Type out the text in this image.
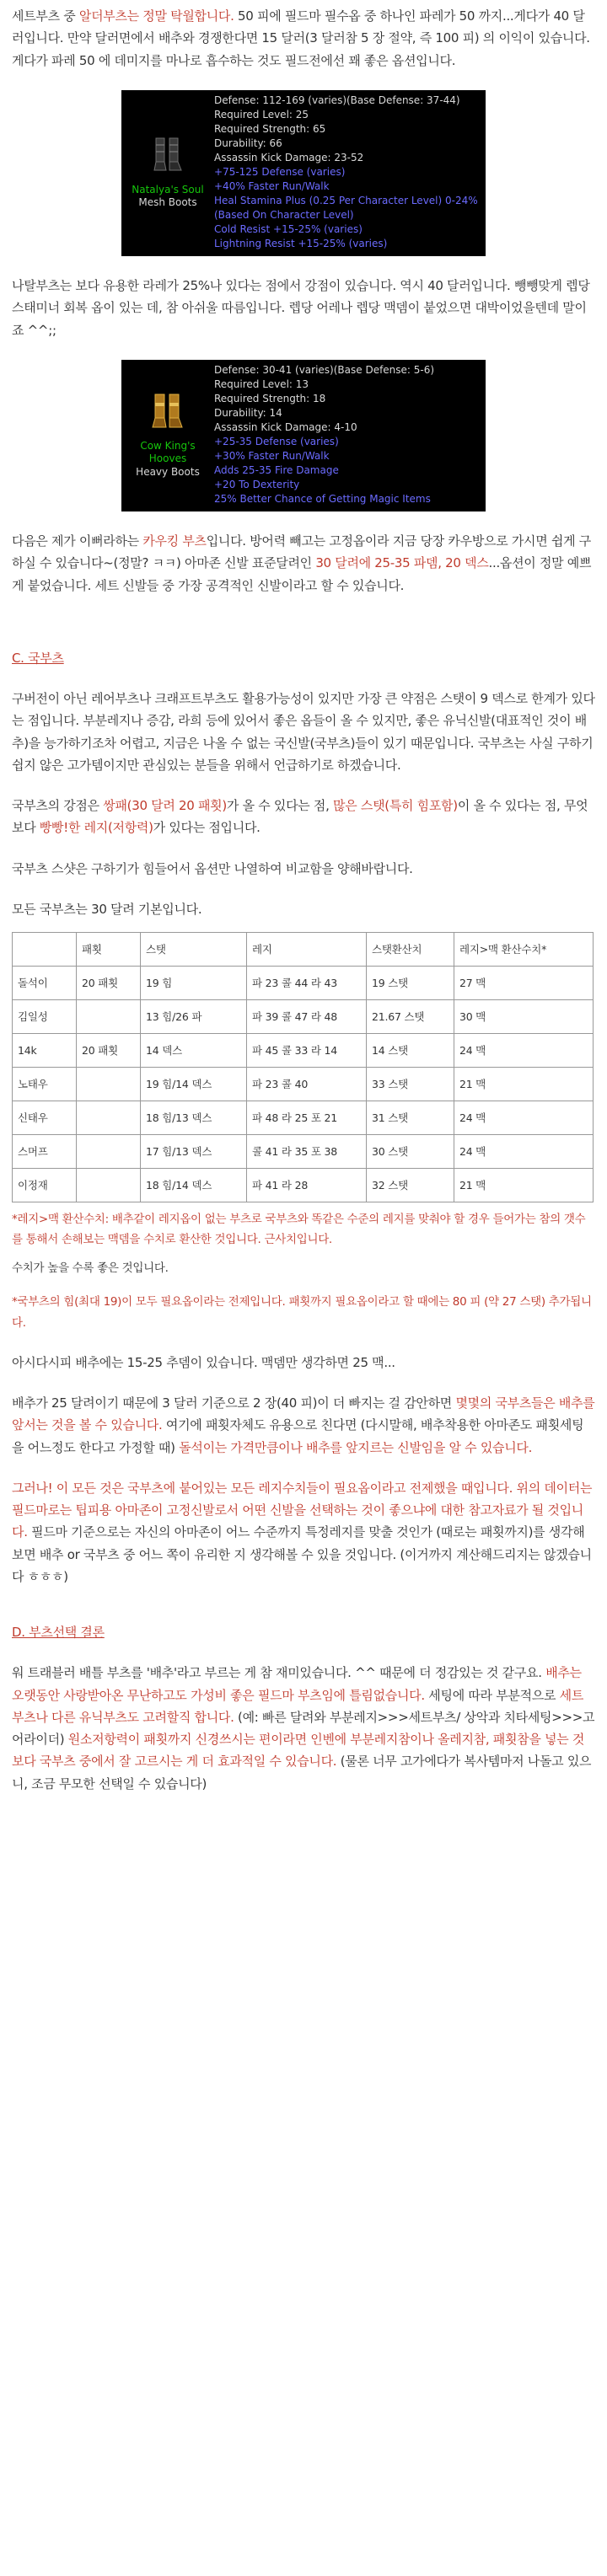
세트부츠 중 알더부츠는 정말 탁월합니다. 50 피에 필드마 필수옵 중 하나인 파레가 50 까지...게다가 40 달러입니다. 만약 달러면에서 배추와 경쟁한다면 15 달러(3 달러참 5 장 절약, 즉 100 피) 의 이익이 있습니다. 게다가 파레 50 에 데미지를 마나로 흡수하는 것도 필드전에선 꽤 좋은 옵션입니다.

Natalya's Soul
Mesh Boots
Defense: 112-169 (varies)(Base Defense: 37-44)
Required Level: 25
Required Strength: 65
Durability: 66
Assassin Kick Damage: 23-52
+75-125 Defense (varies)
+40% Faster Run/Walk
Heal Stamina Plus (0.25 Per Character Level) 0-24% (Based On Character Level)
Cold Resist +15-25% (varies)
Lightning Resist +15-25% (varies)

나탈부츠는 보다 유용한 라레가 25%나 있다는 점에서 강점이 있습니다. 역시 40 달러입니다. 뺑뺑맞게 렙당 스태미너 회복 옵이 있는 데, 참 아쉬울 따름입니다. 렙당 어레나 렙당 맥뎀이 붙었으면 대박이었을텐데 말이죠 ^^;;

Cow King's Hooves
Heavy Boots
Defense: 30-41 (varies)(Base Defense: 5-6)
Required Level: 13
Required Strength: 18
Durability: 14
Assassin Kick Damage: 4-10
+25-35 Defense (varies)
+30% Faster Run/Walk
Adds 25-35 Fire Damage
+20 To Dexterity
25% Better Chance of Getting Magic Items

다음은 제가 이뻐라하는 카우킹 부츠입니다. 방어력 빼고는 고정옵이라 지금 당장 카우방으로 가시면 쉽게 구하실 수 있습니다~(정말? ㅋㅋ) 아마존 신발 표준달려인 30 달려에 25-35 파뎀, 20 덱스...옵션이 정말 예쁘게 붙었습니다. 세트 신발들 중 가장 공격적인 신발이라고 할 수 있습니다.

C. 국부츠

구버전이 아닌 레어부츠나 크래프트부츠도 활용가능성이 있지만 가장 큰 약점은 스탯이 9 덱스로 한계가 있다는 점입니다. 부분레지나 증감, 라희 등에 있어서 좋은 옵들이 올 수 있지만, 좋은 유닉신발(대표적인 것이 배추)을 능가하기조차 어렵고, 지금은 나올 수 없는 국신발(국부츠)들이 있기 때문입니다. 국부츠는 사실 구하기 쉽지 않은 고가템이지만 관심있는 분들을 위해서 언급하기로 하겠습니다.

국부츠의 강점은 쌍패(30 달려 20 패횟)가 올 수 있다는 점, 많은 스탯(특히 힘포함)이 올 수 있다는 점, 무엇보다 빵빵!한 레지(저항력)가 있다는 점입니다.

국부츠 스샷은 구하기가 힘들어서 옵션만 나열하여 비교함을 양해바랍니다.

모든 국부츠는 30 달려 기본입니다.

	패횟	스탯	레지	스탯환산치	레지>맥 환산수치*
돌석이	20 패횟	19 힘	파 23 콜 44 라 43	19 스탯	27 맥
김일성		13 힘/26 파	파 39 콜 47 라 48	21.67 스탯	30 맥
14k	20 패횟	14 덱스	파 45 콜 33 라 14	14 스탯	24 맥
노태우		19 힘/14 덱스	파 23 콜 40	33 스탯	21 맥
신태우		18 힘/13 덱스	파 48 라 25 포 21	31 스탯	24 맥
스머프		17 힘/13 덱스	콜 41 라 35 포 38	30 스탯	24 맥
이정재		18 힘/14 덱스	파 41 라 28	32 스탯	21 맥
*레지>맥 환산수치: 배추같이 레지옵이 없는 부츠로 국부츠와 똑같은 수준의 레지를 맞춰야 할 경우 들어가는 참의 갯수를 통해서 손해보는 맥뎀을 수치로 환산한 것입니다. 근사치입니다.
수치가 높을 수록 좋은 것입니다.
*국부츠의 힘(최대 19)이 모두 필요옵이라는 전제입니다. 패횟까지 필요옵이라고 할 때에는 80 피 (약 27 스탯) 추가됩니다.

아시다시피 배추에는 15-25 추뎀이 있습니다. 맥뎀만 생각하면 25 맥...

배추가 25 달려이기 때문에 3 달러 기준으로 2 장(40 피)이 더 빠지는 걸 감안하면 몇몇의 국부츠들은 배추를 앞서는 것을 볼 수 있습니다. 여기에 패횟자체도 유용으로 친다면 (다시말해, 배추착용한 아마존도 패횟세팅을 어느정도 한다고 가정할 때) 돌석이는 가격만큼이나 배추를 앞지르는 신발임을 알 수 있습니다.

그러나! 이 모든 것은 국부츠에 붙어있는 모든 레지수치들이 필요옵이라고 전제했을 때입니다. 위의 데이터는 필드마로는 팁피용 아마존이 고정신발로서 어떤 신발을 선택하는 것이 좋으냐에 대한 참고자료가 될 것입니다. 필드마 기준으로는 자신의 아마존이 어느 수준까지 특정레지를 맞출 것인가 (때로는 패횟까지)를 생각해보면 배추 or 국부츠 중 어느 쪽이 유리한 지 생각해볼 수 있을 것입니다. (이거까지 계산해드리지는 않겠습니다 ㅎㅎㅎ)

D. 부츠선택 결론

워 트래블러 배틀 부츠를 '배추'라고 부르는 게 참 재미있습니다. ^^ 때문에 더 정감있는 것 같구요. 배추는 오랫동안 사랑받아온 무난하고도 가성비 좋은 필드마 부츠임에 틀림없습니다. 세팅에 따라 부분적으로 세트부츠나 다른 유닉부츠도 고려할직 합니다. (예: 빠른 달려와 부분레지>>>세트부츠/ 상악과 치타세팅>>>고어라이더) 원소저항력이 패횟까지 신경쓰시는 편이라면 인벤에 부분레지참이나 올레지참, 패횟참을 넣는 것보다 국부츠 중에서 잘 고르시는 게 더 효과적일 수 있습니다. (물론 너무 고가에다가 복사템마저 나돌고 있으니, 조금 무모한 선택일 수 있습니다)
